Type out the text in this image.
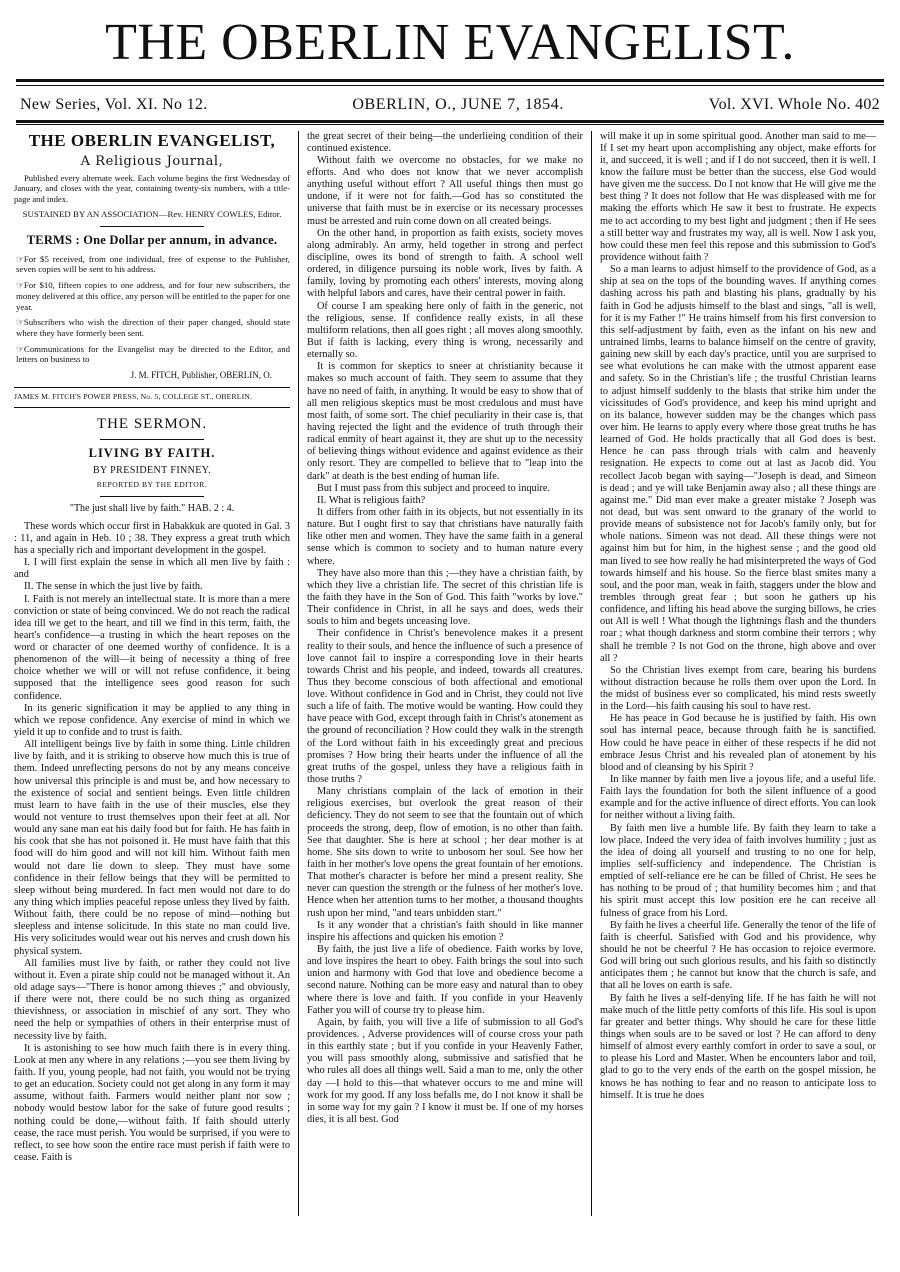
THE OBERLIN EVANGELIST.
New Series, Vol. XI. No 12.	OBERLIN, O., JUNE 7, 1854.	Vol. XVI. Whole No. 402
THE OBERLIN EVANGELIST,
A Religious Journal,
Published every alternate week. Each volume begins the first Wednesday of January, and closes with the year, containing twenty-six numbers, with a title-page and index.
SUSTAINED BY AN ASSOCIATION—Rev. HENRY COWLES, Editor.
TERMS : One Dollar per annum, in advance.
☞For $5 received, from one individual, free of expense to the Publisher, seven copies will be sent to his address.
☞For $10, fifteen copies to one address, and for four new subscribers, the money delivered at this office, any person will be entitled to the paper for one year.
☞Subscribers who wish the direction of their paper changed, should state where they have formerly been sent.
☞Communications for the Evangelist may be directed to the Editor, and letters on business to
J. M. FITCH, Publisher, OBERLIN, O.
JAMES M. FITCH'S POWER PRESS, No. 5, COLLEGE ST., OBERLIN.
THE SERMON.
LIVING BY FAITH.
BY PRESIDENT FINNEY.
REPORTED BY THE EDITOR.
"The just shall live by faith." HAB. 2 : 4.

These words which occur first in Habakkuk are quoted in Gal. 3 : 11, and again in Heb. 10 ; 38. They express a great truth which has a specially rich and important development in the gospel.

I. I will first explain the sense in which all men live by faith : and

II. The sense in which the just live by faith.

I. Faith is not merely an intellectual state. It is more than a mere conviction or state of being convinced. We do not reach the radical idea till we get to the heart, and till we find in this term, faith, the heart's confidence—a trusting in which the heart reposes on the word or character of one deemed worthy of confidence. It is a phenomenon of the will—it being of necessity a thing of free choice whether we will or will not refuse confidence, it being supposed that the intelligence sees good reason for such confidence.

In its generic signification it may be applied to any thing in which we repose confidence. Any exercise of mind in which we yield it up to confide and to trust is faith.

All intelligent beings live by faith in some thing. Little children live by faith, and it is striking to observe how much this is true of them. Indeed unreflecting persons do not by any means conceive how universal this principle is and must be, and how necessary to the existence of social and sentient beings. Even little children must learn to have faith in the use of their muscles, else they would not venture to trust themselves upon their feet at all. Nor would any sane man eat his daily food but for faith. He has faith in his cook that she has not poisoned it. He must have faith that this food will do him good and will not kill him. Without faith men would not dare lie down to sleep. They must have some confidence in their fellow beings that they will be permitted to sleep without being murdered. In fact men would not dare to do any thing which implies peaceful repose unless they lived by faith. Without faith, there could be no repose of mind—nothing but sleepless and intense solicitude. In this state no man could live. His very solicitudes would wear out his nerves and crush down his physical system.

All families must live by faith, or rather they could not live without it. Even a pirate ship could not be managed without it. An old adage says—"There is honor among thieves ;" and obviously, if there were not, there could be no such thing as organized thievishness, or association in mischief of any sort. They who need the help or sympathies of others in their enterprise must of necessity live by faith.

It is astonishing to see how much faith there is in every thing. Look at men any where in any relations ;—you see them living by faith. If you, young people, had not faith, you would not be trying to get an education. Society could not get along in any form it may assume, without faith. Farmers would neither plant nor sow ; nobody would bestow labor for the sake of future good results ; nothing could be done,—without faith. If faith should utterly cease, the race must perish. You would be surprised, if you were to reflect, to see how soon the entire race must perish if faith were to cease. Faith is

the great secret of their being—the underlieing condition of their continued existence.

Without faith we overcome no obstacles, for we make no efforts. And who does not know that we never accomplish anything useful without effort ? All useful things then must go undone, if it were not for faith.—God has so constituted the universe that faith must be in exercise or its necessary processes must be arrested and ruin come down on all created beings.

On the other hand, in proportion as faith exists, society moves along admirably. An army, held together in strong and perfect discipline, owes its bond of strength to faith. A school well ordered, in diligence pursuing its noble work, lives by faith. A family, loving by promoting each others' interests, moving along with helpful labors and cares, have their central power in faith.

Of course I am speaking here only of faith in the generic, not the religious, sense. If confidence really exists, in all these multiform relations, then all goes right ; all moves along smoothly. But if faith is lacking, every thing is wrong, necessarily and eternally so.

It is common for skeptics to sneer at christianity because it makes so much account of faith. They seem to assume that they have no need of faith, in anything. It would be easy to show that of all men religious skeptics must be most credulous and must have most faith, of some sort. The chief peculiarity in their case is, that having rejected the light and the evidence of truth through their radical enmity of heart against it, they are shut up to the necessity of believing things without evidence and against evidence as their only resort. They are compelled to believe that to "leap into the dark" at death is the best ending of human life.

But I must pass from this subject and proceed to inquire.

II. What is religious faith?

It differs from other faith in its objects, but not essentially in its nature. But I ought first to say that christians have naturally faith like other men and women. They have the same faith in a general sense which is common to society and to human nature every where.

They have also more than this ;—they have a christian faith, by which they live a christian life. The secret of this christian life is the faith they have in the Son of God. This faith "works by love." Their confidence in Christ, in all he says and does, weds their souls to him and begets unceasing love.

Their confidence in Christ's benevolence makes it a present reality to their souls, and hence the influence of such a presence of love cannot fail to inspire a corresponding love in their hearts towards Christ and his people, and indeed, towards all creatures. Thus they become conscious of both affectional and emotional love. Without confidence in God and in Christ, they could not live such a life of faith. The motive would be wanting. How could they have peace with God, except through faith in Christ's atonement as the ground of reconciliation ? How could they walk in the strength of the Lord without faith in his exceedingly great and precious promises ? How bring their hearts under the influence of all the great truths of the gospel, unless they have a religious faith in those truths ?

Many christians complain of the lack of emotion in their religious exercises, but overlook the great reason of their deficiency. They do not seem to see that the fountain out of which proceeds the strong, deep, flow of emotion, is no other than faith. See that daughter. She is here at school ; her dear mother is at home. She sits down to write to unbosom her soul. See how her faith in her mother's love opens the great fountain of her emotions. That mother's character is before her mind a present reality. She never can question the strength or the fulness of her mother's love. Hence when her attention turns to her mother, a thousand thoughts rush upon her mind, "and tears unbidden start."

Is it any wonder that a christian's faith should in like manner inspire his affections and quicken his emotion ?

By faith, the just live a life of obedience. Faith works by love, and love inspires the heart to obey. Faith brings the soul into such union and harmony with God that love and obedience become a second nature. Nothing can be more easy and natural than to obey where there is love and faith. If you confide in your Heavenly Father you will of course try to please him.

Again, by faith, you will live a life of submission to all God's providences. , Adverse providences will of course cross your path in this earthly state ; but if you confide in your Heavenly Father, you will pass smoothly along, submissive and satisfied that he who rules all does all things well. Said a man to me, only the other day —I hold to this—that whatever occurs to me and mine will work for my good. If any loss befalls me, do I not know it shall be in some way for my gain ? I know it must be. If one of my horses dies, it is all best. God

will make it up in some spiritual good. Another man said to me—If I set my heart upon accomplishing any object, make efforts for it, and succeed, it is well ; and if I do not succeed, then it is well. I know the failure must be better than the success, else God would have given me the success. Do I not know that He will give me the best thing ? It does not follow that He was displeased with me for making the efforts which He saw it best to frustrate. He expects me to act according to my best light and judgment ; then if He sees a still better way and frustrates my way, all is well. Now I ask you, how could these men feel this repose and this submission to God's providence without faith ?

So a man learns to adjust himself to the providence of God, as a ship at sea on the tops of the bounding waves. If anything comes dashing across his path and blasting his plans, gradually by his faith in God he adjusts himself to the blast and sings, "all is well, for it is my Father !" He trains himself from his first conversion to this self-adjustment by faith, even as the infant on his new and untrained limbs, learns to balance himself on the centre of gravity, gaining new skill by each day's practice, until you are surprised to see what evolutions he can make with the utmost apparent ease and safety. So in the Christian's life ; the trustful Christian learns to adjust himself suddenly to the blasts that strike him under the vicissitudes of God's providence, and keep his mind upright and on its balance, however sudden may be the changes which pass over him. He learns to apply every where those great truths he has learned of God. He holds practically that all God does is best. Hence he can pass through trials with calm and heavenly resignation. He expects to come out at last as Jacob did. You recollect Jacob began with saying—"Joseph is dead, and Simeon is dead ; and ye will take Benjamin away also ; all these things are against me." Did man ever make a greater mistake ? Joseph was not dead, but was sent onward to the granary of the world to provide means of subsistence not for Jacob's family only, but for whole nations. Simeon was not dead. All these things were not against him but for him, in the highest sense ; and the good old man lived to see how really he had misinterpreted the ways of God towards himself and his house. So the fierce blast smites many a soul, and the poor man, weak in faith, staggers under the blow and trembles through great fear ; but soon he gathers up his confidence, and lifting his head above the surging billows, he cries out All is well ! What though the lightnings flash and the thunders roar ; what though darkness and storm combine their terrors ; why shall he tremble ? Is not God on the throne, high above and over all ?

So the Christian lives exempt from care, bearing his burdens without distraction because he rolls them over upon the Lord. In the midst of business ever so complicated, his mind rests sweetly in the Lord—his faith causing his soul to have rest.

He has peace in God because he is justified by faith. His own soul has internal peace, because through faith he is sanctified. How could he have peace in either of these respects if he did not embrace Jesus Christ and his revealed plan of atonement by his blood and of cleansing by his Spirit ?

In like manner by faith men live a joyous life, and a useful life. Faith lays the foundation for both the silent influence of a good example and for the active influence of direct efforts. You can look for neither without a living faith.

By faith men live a humble life. By faith they learn to take a low place. Indeed the very idea of faith involves humility ; just as the idea of doing all yourself and trusting to no one for help, implies self-sufficiency and independence. The Christian is emptied of self-reliance ere he can be filled of Christ. He sees he has nothing to be proud of ; that humility becomes him ; and that his spirit must accept this low position ere he can receive all fulness of grace from his Lord.

By faith he lives a cheerful life. Generally the tenor of the life of faith is cheerful. Satisfied with God and his providence, why should he not be cheerful ? He has occasion to rejoice evermore. God will bring out such glorious results, and his faith so distinctly anticipates them ; he cannot but know that the church is safe, and that all he loves on earth is safe.

By faith he lives a self-denying life. If he has faith he will not make much of the little petty comforts of this life. His soul is upon far greater and better things. Why should he care for these little things when souls are to be saved or lost ? He can afford to deny himself of almost every earthly comfort in order to save a soul, or to please his Lord and Master. When he encounters labor and toil, glad to go to the very ends of the earth on the gospel mission, he knows he has nothing to fear and no reason to anticipate loss to himself. It is true he does
